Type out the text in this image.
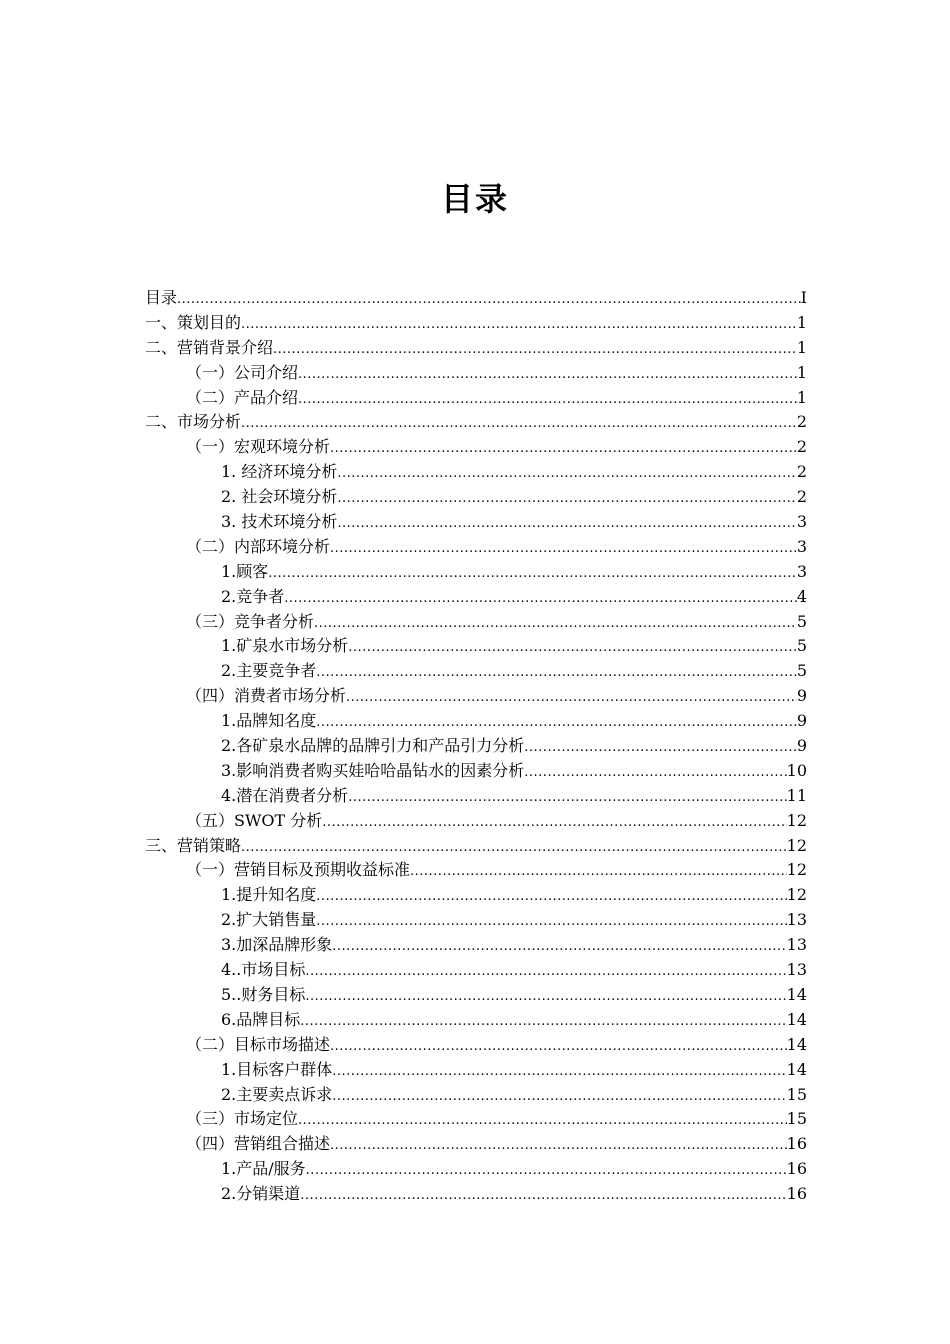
目录
目录 .....	I
一、策划目的 .....	1
二、营销背景介绍 .....	1
（一）公司介绍 .....	1
（二）产品介绍 .....	1
二、市场分析 .....	2
（一）宏观环境分析 .....	2
1. 经济环境分析 .....	2
2. 社会环境分析 .....	2
3. 技术环境分析 .....	3
（二）内部环境分析 .....	3
1.顾客 .....	3
2.竞争者 .....	4
（三）竞争者分析 .....	5
1.矿泉水市场分析 .....	5
2.主要竞争者 .....	5
（四）消费者市场分析 .....	9
1.品牌知名度 .....	9
2.各矿泉水品牌的品牌引力和产品引力分析 .....	9
3.影响消费者购买娃哈哈晶钻水的因素分析 .....	10
4.潜在消费者分析 .....	11
（五）SWOT 分析 .....	12
三、营销策略 .....	12
（一）营销目标及预期收益标准 .....	12
1.提升知名度 .....	12
2.扩大销售量 .....	13
3.加深品牌形象 .....	13
4..市场目标 .....	13
5..财务目标 .....	14
6.品牌目标 .....	14
（二）目标市场描述 .....	14
1.目标客户群体 .....	14
2.主要卖点诉求 .....	15
（三）市场定位 .....	15
（四）营销组合描述 .....	16
1.产品/服务 .....	16
2.分销渠道 .....	16
